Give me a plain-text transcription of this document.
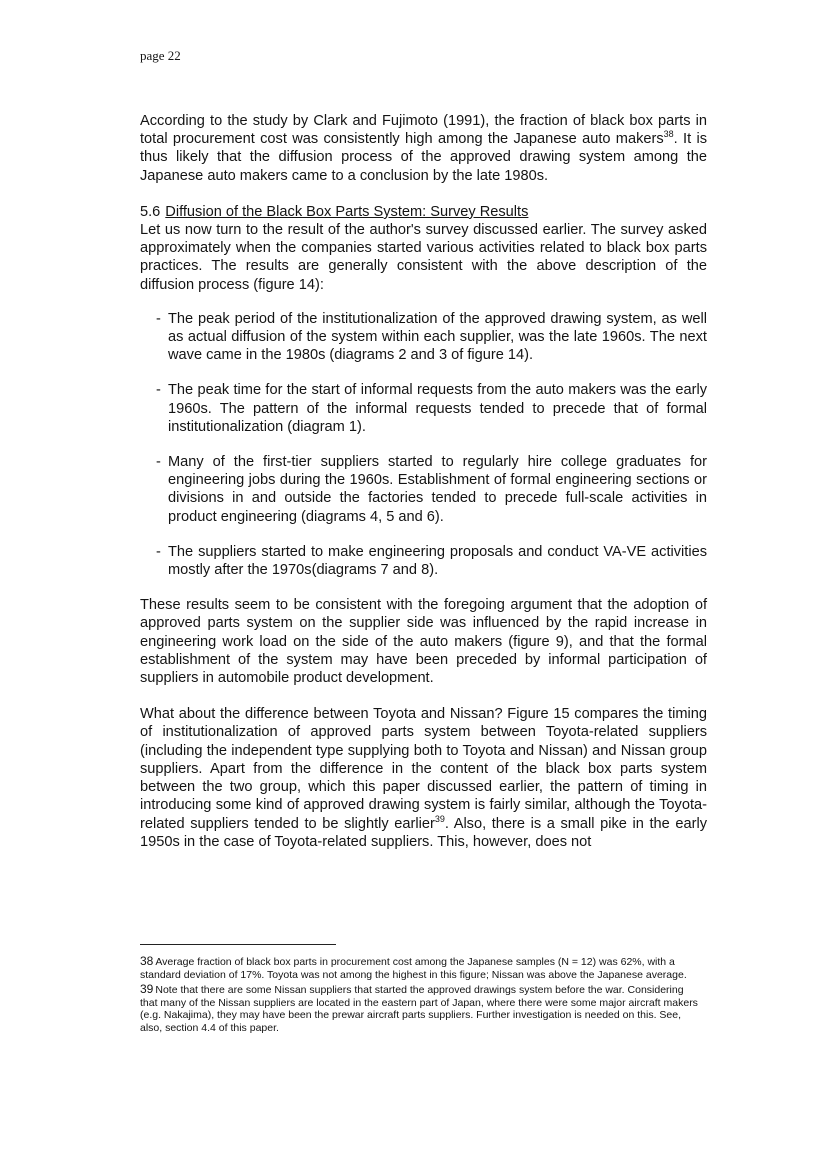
page 22

According to the study by Clark and Fujimoto (1991), the fraction of black box parts in total procurement cost was consistently high among the Japanese auto makers$^{38}$. It is thus likely that the diffusion process of the approved drawing system among the Japanese auto makers came to a conclusion by the late 1980s.

5.6 Diffusion of the Black Box Parts System: Survey Results

Let us now turn to the result of the author's survey discussed earlier. The survey asked approximately when the companies started various activities related to black box parts practices. The results are generally consistent with the above description of the diffusion process (figure 14):

- The peak period of the institutionalization of the approved drawing system, as well as actual diffusion of the system within each supplier, was the late 1960s. The next wave came in the 1980s (diagrams 2 and 3 of figure 14).
- The peak time for the start of informal requests from the auto makers was the early 1960s. The pattern of the informal requests tended to precede that of formal institutionalization (diagram 1).
- Many of the first-tier suppliers started to regularly hire college graduates for engineering jobs during the 1960s. Establishment of formal engineering sections or divisions in and outside the factories tended to precede full-scale activities in product engineering (diagrams 4, 5 and 6).
- The suppliers started to make engineering proposals and conduct VA-VE activities mostly after the 1970s(diagrams 7 and 8).

These results seem to be consistent with the foregoing argument that the adoption of approved parts system on the supplier side was influenced by the rapid increase in engineering work load on the side of the auto makers (figure 9), and that the formal establishment of the system may have been preceded by informal participation of suppliers in automobile product development.

What about the difference between Toyota and Nissan? Figure 15 compares the timing of institutionalization of approved parts system between Toyota-related suppliers (including the independent type supplying both to Toyota and Nissan) and Nissan group suppliers. Apart from the difference in the content of the black box parts system between the two group, which this paper discussed earlier, the pattern of timing in introducing some kind of approved drawing system is fairly similar, although the Toyota-related suppliers tended to be slightly earlier$^{39}$. Also, there is a small pike in the early 1950s in the case of Toyota-related suppliers. This, however, does not

38 Average fraction of black box parts in procurement cost among the Japanese samples (N = 12) was 62%, with a standard deviation of 17%. Toyota was not among the highest in this figure; Nissan was above the Japanese average.

39 Note that there are some Nissan suppliers that started the approved drawings system before the war. Considering that many of the Nissan suppliers are located in the eastern part of Japan, where there were some major aircraft makers (e.g. Nakajima), they may have been the prewar aircraft parts suppliers. Further investigation is needed on this. See, also, section 4.4 of this paper.
